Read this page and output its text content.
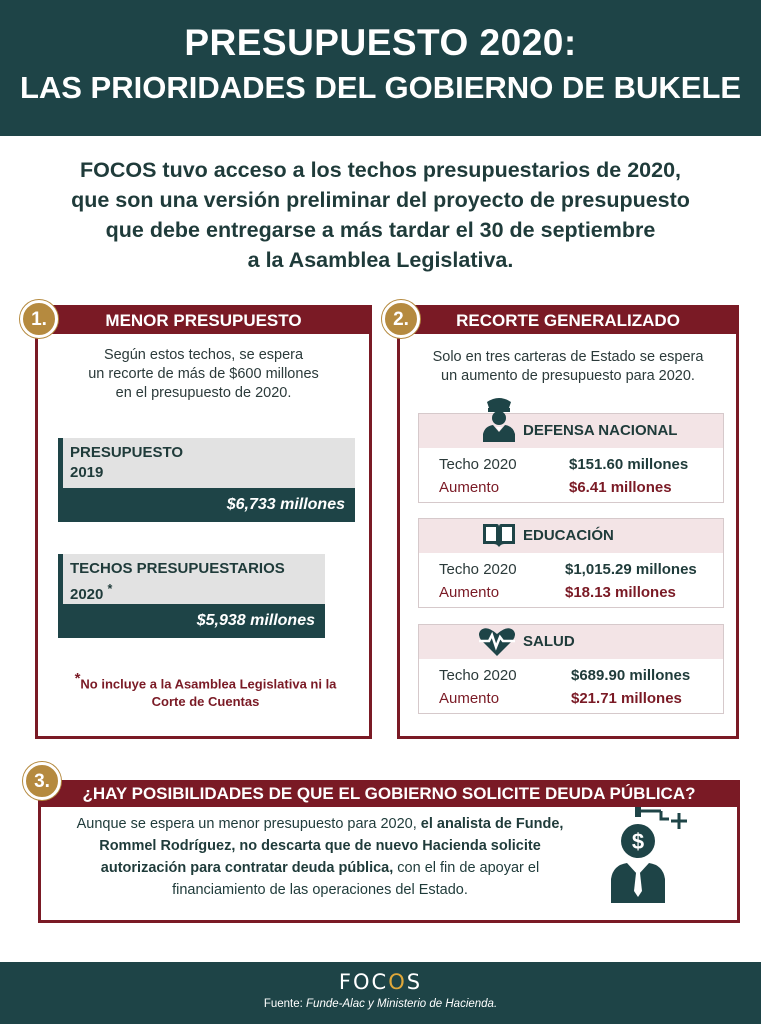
PRESUPUESTO 2020:
LAS PRIORIDADES DEL GOBIERNO DE BUKELE
FOCOS tuvo acceso a los techos presupuestarios de 2020,
que son una versión preliminar del proyecto de presupuesto
que debe entregarse a más tardar el 30 de septiembre
a la Asamblea Legislativa.
MENOR PRESUPUESTO
Según estos techos, se espera
un recorte de más de $600 millones
en el presupuesto de 2020.
PRESUPUESTO
2019
$6,733 millones
TECHOS PRESUPUESTARIOS
2020 *
$5,938 millones
*No incluye a la Asamblea Legislativa ni la
Corte de Cuentas
1.	RECORTE GENERALIZADO
Solo en tres carteras de Estado se espera
un aumento de presupuesto para 2020.
DEFENSA NACIONAL
Techo 2020	$151.60 millones
Aumento	$6.41 millones
EDUCACIÓN
Techo 2020	$1,015.29 millones
Aumento	$18.13 millones
SALUD
Techo 2020	$689.90 millones
Aumento	$21.71 millones
2.
¿HAY POSIBILIDADES DE QUE EL GOBIERNO SOLICITE DEUDA PÚBLICA?
Aunque se espera un menor presupuesto para 2020, el analista de Funde, Rommel Rodríguez, no descarta que de nuevo Hacienda solicite autorización para contratar deuda pública, con el fin de apoyar el financiamiento de las operaciones del Estado.
$
3.
FOCOS
Fuente: Funde-Alac y Ministerio de Hacienda.
